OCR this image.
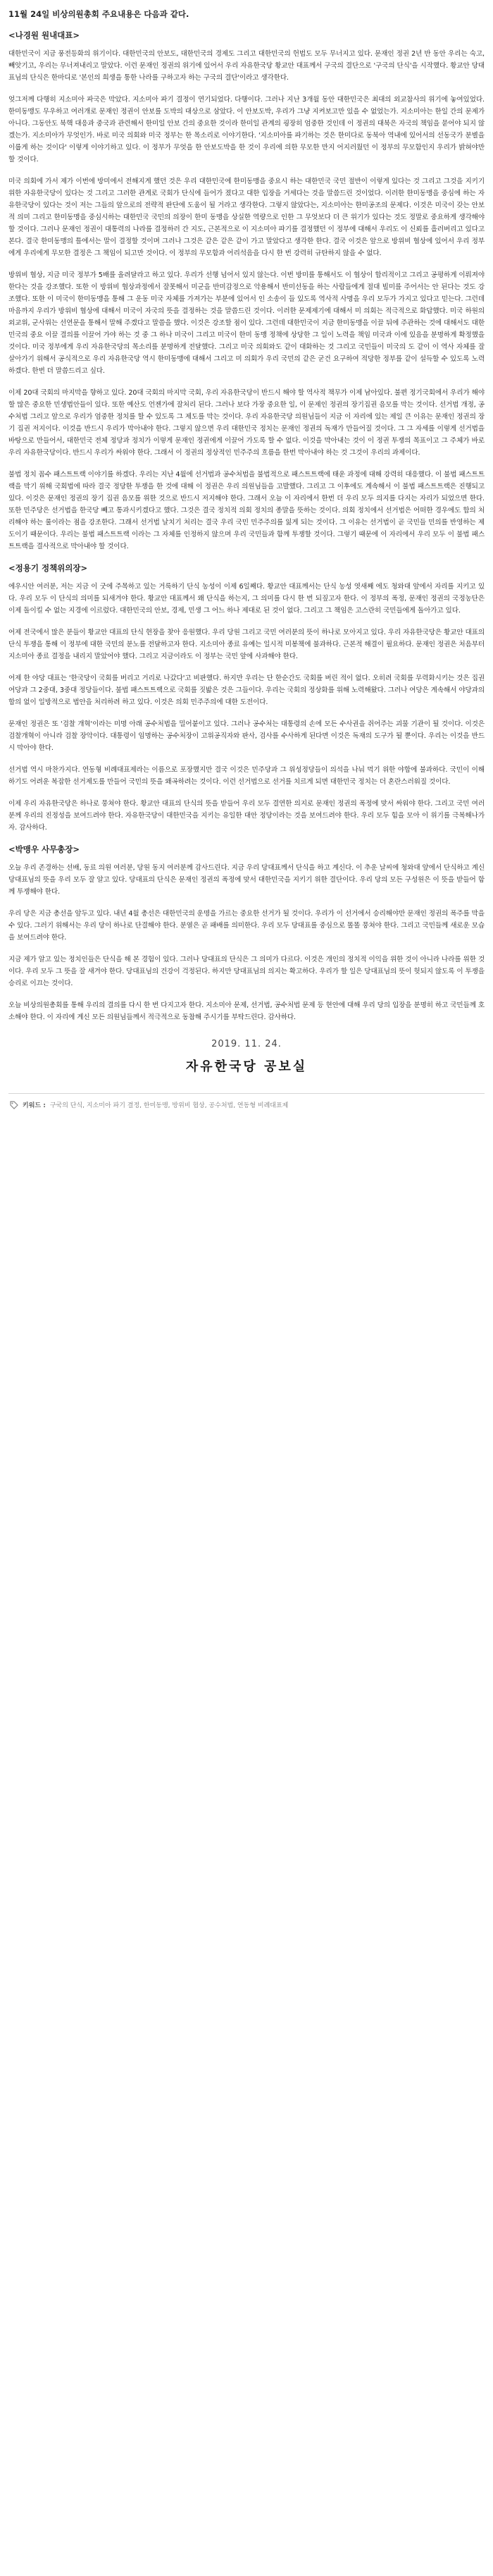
11월 24일 비상의원총회 주요내용은 다음과 같다.
<나경원 원내대표>

대한민국이 지금 풍전등화의 위기이다. 대한민국의 안보도, 대한민국의 경제도 그리고 대한민국의 헌법도 모두 무너지고 있다. 문재인 정권 2년 반 동안 우리는 숙고, 빼앗기고, 우리는 무너져내리고 말았다. 이런 문재인 정권의 위기에 있어서 우리 자유한국당 황교안 대표께서 구국의 결단으로 '구국의 단식'을 시작했다. 황교안 당대표님의 단식은 한마디로 '본인의 희생을 통한 나라를 구하고자 하는 구국의 결단'이라고 생각한다.

엊그저께 다행히 지소미아 파국은 막았다. 지소미아 파기 결정이 연기되었다. 다행이다. 그러나 지난 3개월 동안 대한민국은 최대의 외교참사의 위기에 놓여있었다. 한미동맹도 무우하고 여러개로 문재인 정권이 안보를 도박의 대상으로 삼았다. 이 안보도박, 우리가 그냥 지켜보고만 있을 수 없었는가. 지소미아는 한일 간의 문제가 아니다. 그동안도 북핵 대응과 중국과 관련해서 한미일 안보 간의 중요한 것이라 한미일 관계의 굉장히 엄중한 것인데 이 정권의 대북은 자국의 책임을 묻어야 되지 않겠는가. 지소미아가 무엇인가. 바로 미국 의회와 미국 정부는 한 목소리로 이야기한다. '지소미아를 파기하는 것은 한미다로 동북아 역내에 있어서의 선동국가 분별을 이룹게 하는 것이다' 이렇게 이야기하고 있다. 이 정부가 무엇을 한 안보도박을 한 것이 우리에 의한 무모한 만지 어지러웠던 이 정부의 무모함인지 우리가 밝혀야만 할 것이다.

미국 의회에 가서 제가 이번에 방미에서 전해지게 했던 것은 우리 대한민국에 한미동맹을 중요시 하는 대한민국 국민 절반이 이렇게 있다는 것 그리고 그것을 지키기 위한 자유한국당이 있다는 것 그리고 그러한 관계로 국회가 단식에 들어가 졌다고 대한 입장을 거세다는 것을 말씀드린 것이었다. 이러한 한미동맹을 중심에 하는 자유한국당이 있다는 것이 저는 그들의 앞으로의 전략적 판단에 도움이 될 거라고 생각한다. 그렇지 않았다는, 지소미아는 한미공조의 문제다. 이것은 미국이 갖는 안보적 의미 그리고 한미동맹을 중심시하는 대한민국 국민의 의장이 한미 동맹을 상실한 역량으로 인한 그 무엇보다 더 큰 위기가 있다는 것도 정말로 중요하게 생각해야 할 것이다. 그러나 문재인 정권이 대통력의 나라를 결정하러 간 지도, 근본적으로 이 지소미아 파기를 결정했던 이 정부에 대해서 우리도 이 신뢰를 흘러버리고 있다고 본다. 결국 한미동맹의 틀에서는 말이 결정할 것이며 그러나 그것은 같은 같은 같이 가고 말았다고 생각한 한다. 결국 이것은 앞으로 방위비 협상에 있어서 우리 정부에게 우리에게 무모한 결정은 그 책임이 되고만 것이다. 이 정부의 무모함과 어리석음을 다시 한 번 강력히 규탄하지 않을 수 없다.

방위비 협상, 지금 미국 정부가 5배를 올려달라고 하고 있다. 우리가 선행 넘어서 있지 않는다. 이번 방미를 통해서도 이 협상이 합리적이고 그리고 공평하게 이뤄져야 한다는 것을 강조했다. 또한 이 방위비 협상과정에서 잘못해서 미군을 반미감정으로 악용해서 반미선동을 하는 사람들에게 절대 빌미를 주어서는 안 된다는 것도 강조했다. 또한 이 미국이 한미동맹을 통해 그 운동 미국 자체를 가져가는 부분에 있어서 인 소송이 들 있도록 역사적 사명을 우리 모두가 가지고 있다고 믿는다. 그런데 마음까지 우리가 방위비 협상에 대해서 미국이 자국의 뜻을 결정하는 것을 말씀드린 것이다. 이러한 문제제기에 대해서 미 의회는 적극적으로 화답했다. 미국 하원의 외교위, 군사위는 선연문을 통해서 말해 주겠다고 말씀을 했다. 이것은 강조할 점이 있다. 그런데 대한민국이 지금 한미동맹을 이끌 뒤에 주관하는 것에 대해서도 대한민국의 중요 이끌 결의를 이끌어 가야 하는 것 중 그 하나 미국이 그리고 미국이 한미 동맹 정책에 상당한 그 일이 노력을 책임 미국과 이에 있음을 분명하게 확정했을 것이다. 미국 정부에게 우리 자유한국당의 목소리를 분명하게 전달했다. 그리고 미국 의회와도 같이 대화하는 것 그리고 국민들이 미국의 도 같이 이 역사 자체를 잘 살아가기 위해서 공식적으로 우리 자유한국당 역시 한미동맹에 대해서 그리고 미 의회가 우리 국민의 같은 굳건 요구하여 적당한 정부를 같이 설득할 수 있도록 노력하겠다. 한번 더 말씀드리고 싶다.

이제 20대 국회의 마지막을 향하고 있다. 20대 국회의 마지막 국회, 우리 자유한국당이 반드시 해야 할 역사적 책무가 이제 남아있다. 불편 정기국회에서 우리가 해야 할 많은 중요한 민생법안들이 있다. 또한 예산도 언젠가에 잘처리 된다. 그러나 보다 가장 중요한 일, 이 문제인 정권의 장기집권 음모를 막는 것이다. 선거법 개정, 공수처법 그리고 앞으로 우리가 엄중한 정치를 할 수 있도록 그 제도를 막는 것이다. 우리 자유한국당 의원님들이 지금 이 자리에 있는 제일 큰 이유는 문재인 정권의 장기 집권 저지이다. 이것을 반드시 우리가 막아내야 한다. 그렇지 않으면 우리 대한민국 정치는 문재인 정권의 독재가 만들어질 것이다. 그 그 자세를 이렇게 선거법을 바탕으로 만들어서, 대한민국 전체 정당과 정치가 이렇게 문재인 정권에게 이끌어 가도록 할 수 없다. 이것을 막아내는 것이 이 정권 투쟁의 목표이고 그 주체가 바로 우리 자유한국당이다. 반드시 우리가 싸워야 한다. 그래서 이 정권의 정상적인 민주주의 흐름을 한번 막아내야 하는 것 그것이 우리의 과제이다.

불법 정치 꼼수 패스트트랙 이야기를 하겠다. 우리는 지난 4월에 선거법과 공수처법을 불법적으로 패스트트랙에 태운 과정에 대해 강력히 대응했다. 이 불법 패스트트랙을 막기 위해 국회법에 따라 결국 정당한 투쟁을 한 것에 대해 이 정권은 우리 의원님들을 고발했다. 그리고 그 이후에도 계속해서 이 불법 패스트트랙은 진행되고 있다. 이것은 문재인 정권의 장기 집권 음모를 위한 것으로 반드시 저지해야 한다. 그래서 오늘 이 자리에서 한번 더 우리 모두 의지를 다지는 자리가 되었으면 한다. 또한 민주당은 선거법을 한국당 빼고 통과시키겠다고 했다. 그것은 결국 정치적 의회 정치의 종말을 뜻하는 것이다. 의회 정치에서 선거법은 어떠한 경우에도 합의 처리해야 하는 룰이라는 점을 강조한다. 그래서 선거법 날치기 처리는 결국 우리 국민 민주주의를 잃게 되는 것이다. 그 이유는 선거법이 곧 국민들 민의를 반영하는 제도이기 때문이다. 우리는 불법 패스트트랙 이라는 그 자체를 인정하지 않으며 우리 국민들과 함께 투쟁할 것이다. 그렇기 때문에 이 자리에서 우리 모두 이 불법 패스트트랙을 결사적으로 막아내야 할 것이다.

<정용기 정책위의장>

에우시안 여러분, 저는 지금 이 굿에 주목하고 있는 거룩하기 단식 농성이 이제 6일째다. 황교안 대표께서는 단식 농성 엿새째 에도 청와대 앞에서 자리를 지키고 있다. 우리 모두 이 단식의 의미를 되새겨야 한다. 황교안 대표께서 왜 단식을 하는지, 그 의미를 다시 한 번 되짚고자 한다. 이 정부의 폭정, 문재인 정권의 국정농단은 이제 돌이킬 수 없는 지경에 이르렀다. 대한민국의 안보, 경제, 민생 그 어느 하나 제대로 된 것이 없다. 그리고 그 책임은 고스란히 국민들에게 돌아가고 있다.

어제 전국에서 많은 분들이 황교안 대표의 단식 현장을 찾아 응원했다. 우리 당원 그리고 국민 여러분의 뜻이 하나로 모아지고 있다. 우리 자유한국당은 황교안 대표의 단식 투쟁을 통해 이 정부에 대한 국민의 분노를 전달하고자 한다. 지소미아 종료 유예는 일시적 미봉책에 불과하다. 근본적 해결이 필요하다. 문재인 정권은 처음부터 지소미아 종료 결정을 내리지 말았어야 했다. 그리고 지금이라도 이 정부는 국민 앞에 사과해야 한다.

어제 한 야당 대표는 '한국당이 국회를 버리고 거리로 나갔다'고 비판했다. 하지만 우리는 단 한순간도 국회를 버린 적이 없다. 오히려 국회를 무력화시키는 것은 집권여당과 그 2중대, 3중대 정당들이다. 불법 패스트트랙으로 국회를 짓밟은 것은 그들이다. 우리는 국회의 정상화를 위해 노력해왔다. 그러나 여당은 계속해서 야당과의 합의 없이 일방적으로 법안을 처리하려 하고 있다. 이것은 의회 민주주의에 대한 도전이다.

문재인 정권은 또 '검찰 개혁'이라는 미명 아래 공수처법을 밀어붙이고 있다. 그러나 공수처는 대통령의 손에 모든 수사권을 쥐어주는 괴물 기관이 될 것이다. 이것은 검찰개혁이 아니라 검찰 장악이다. 대통령이 임명하는 공수처장이 고위공직자와 판사, 검사를 수사하게 된다면 이것은 독재의 도구가 될 뿐이다. 우리는 이것을 반드시 막아야 한다.

선거법 역시 마찬가지다. 연동형 비례대표제라는 이름으로 포장했지만 결국 이것은 민주당과 그 위성정당들이 의석을 나눠 먹기 위한 야합에 불과하다. 국민이 이해하기도 어려운 복잡한 선거제도를 만들어 국민의 뜻을 왜곡하려는 것이다. 이런 선거법으로 선거를 치르게 되면 대한민국 정치는 더 혼란스러워질 것이다.

이제 우리 자유한국당은 하나로 뭉쳐야 한다. 황교안 대표의 단식의 뜻을 받들어 우리 모두 결연한 의지로 문재인 정권의 폭정에 맞서 싸워야 한다. 그리고 국민 여러분께 우리의 진정성을 보여드려야 한다. 자유한국당이 대한민국을 지키는 유일한 대안 정당이라는 것을 보여드려야 한다. 우리 모두 힘을 모아 이 위기를 극복해나가자. 감사하다.

<박맹우 사무총장>

오늘 우리 존경하는 선배, 동료 의원 여러분, 당원 동지 여러분께 감사드린다. 지금 우리 당대표께서 단식을 하고 계신다. 이 추운 날씨에 청와대 앞에서 단식하고 계신 당대표님의 뜻을 우리 모두 잘 알고 있다. 당대표의 단식은 문재인 정권의 폭정에 맞서 대한민국을 지키기 위한 결단이다. 우리 당의 모든 구성원은 이 뜻을 받들어 함께 투쟁해야 한다.

우리 당은 지금 총선을 앞두고 있다. 내년 4월 총선은 대한민국의 운명을 가르는 중요한 선거가 될 것이다. 우리가 이 선거에서 승리해야만 문재인 정권의 폭주를 막을 수 있다. 그러기 위해서는 우리 당이 하나로 단결해야 한다. 분열은 곧 패배를 의미한다. 우리 모두 당대표를 중심으로 똘똘 뭉쳐야 한다. 그리고 국민들께 새로운 모습을 보여드려야 한다.

지금 제가 알고 있는 정치인들은 단식을 해 본 경험이 있다. 그러나 당대표의 단식은 그 의미가 다르다. 이것은 개인의 정치적 이익을 위한 것이 아니라 나라를 위한 것이다. 우리 모두 그 뜻을 잘 새겨야 한다. 당대표님의 건강이 걱정된다. 하지만 당대표님의 의지는 확고하다. 우리가 할 일은 당대표님의 뜻이 헛되지 않도록 이 투쟁을 승리로 이끄는 것이다.

오늘 비상의원총회를 통해 우리의 결의를 다시 한 번 다지고자 한다. 지소미아 문제, 선거법, 공수처법 문제 등 현안에 대해 우리 당의 입장을 분명히 하고 국민들께 호소해야 한다. 이 자리에 계신 모든 의원님들께서 적극적으로 동참해 주시기를 부탁드린다. 감사하다.

2019. 11. 24.
자유한국당 공보실
키워드 : 구국의 단식, 지소미아 파기 결정, 한미동맹, 방위비 협상, 공수처법, 연동형 비례대표제
